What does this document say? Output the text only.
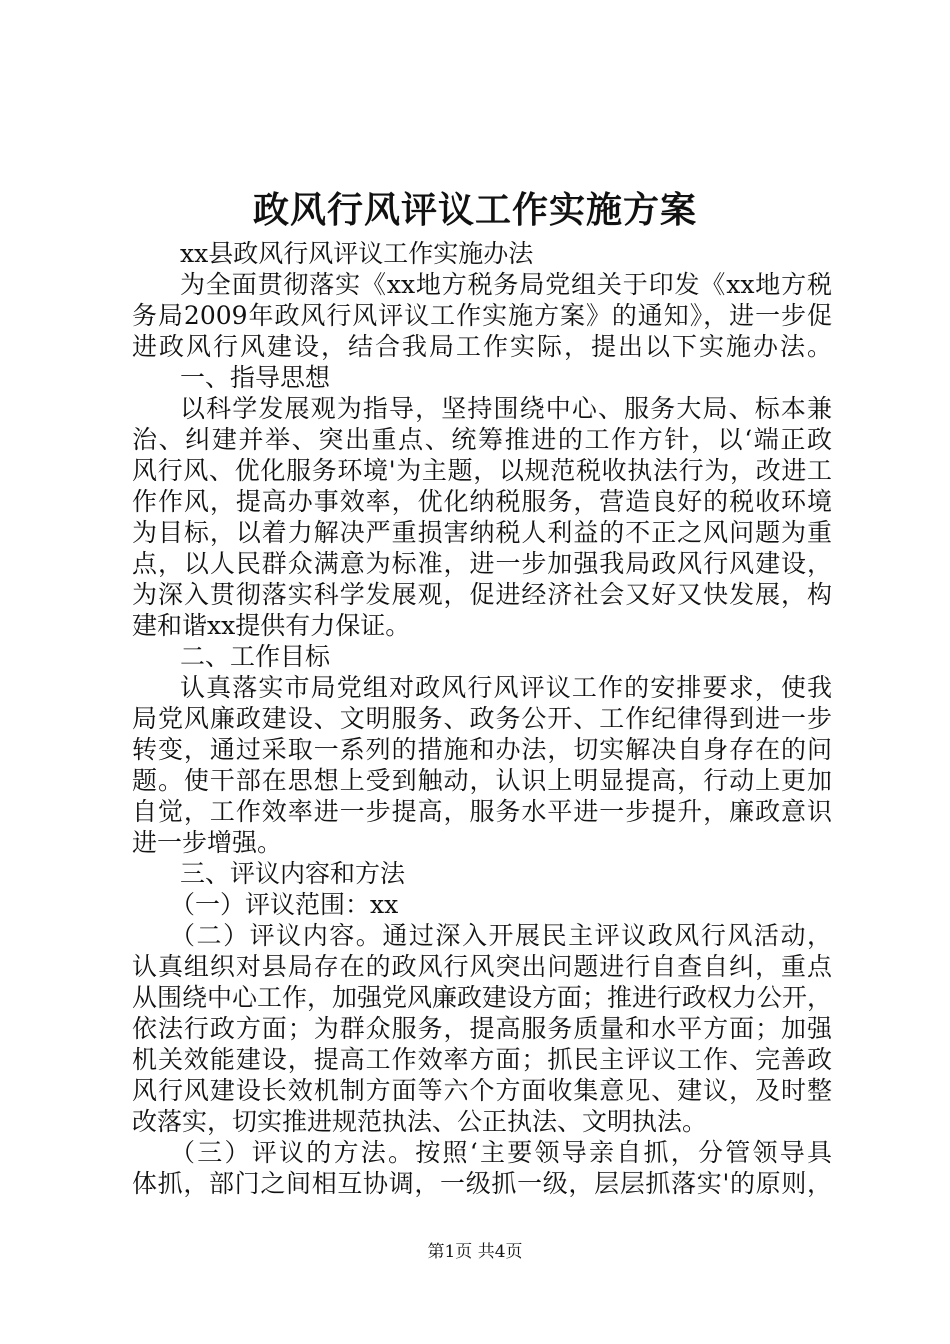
政风行风评议工作实施方案
xx县政风行风评议工作实施办法
为全面贯彻落实《xx地方税务局党组关于印发《xx地方税
务局2009年政风行风评议工作实施方案》的通知》，进一步促
进政风行风建设，结合我局工作实际，提出以下实施办法。
一、指导思想
以科学发展观为指导，坚持围绕中心、服务大局、标本兼
治、纠建并举、突出重点、统筹推进的工作方针，以‘端正政
风行风、优化服务环境'为主题，以规范税收执法行为，改进工
作作风，提高办事效率，优化纳税服务，营造良好的税收环境
为目标，以着力解决严重损害纳税人利益的不正之风问题为重
点，以人民群众满意为标准，进一步加强我局政风行风建设，
为深入贯彻落实科学发展观，促进经济社会又好又快发展，构
建和谐xx提供有力保证。
二、工作目标
认真落实市局党组对政风行风评议工作的安排要求，使我
局党风廉政建设、文明服务、政务公开、工作纪律得到进一步
转变，通过采取一系列的措施和办法，切实解决自身存在的问
题。使干部在思想上受到触动，认识上明显提高，行动上更加
自觉，工作效率进一步提高，服务水平进一步提升，廉政意识
进一步增强。
三、评议内容和方法
（一）评议范围：xx
（二）评议内容。通过深入开展民主评议政风行风活动，
认真组织对县局存在的政风行风突出问题进行自查自纠，重点
从围绕中心工作，加强党风廉政建设方面；推进行政权力公开，
依法行政方面；为群众服务，提高服务质量和水平方面；加强
机关效能建设，提高工作效率方面；抓民主评议工作、完善政
风行风建设长效机制方面等六个方面收集意见、建议，及时整
改落实，切实推进规范执法、公正执法、文明执法。
（三）评议的方法。按照‘主要领导亲自抓，分管领导具
体抓，部门之间相互协调，一级抓一级，层层抓落实'的原则，
第1页 共4页
